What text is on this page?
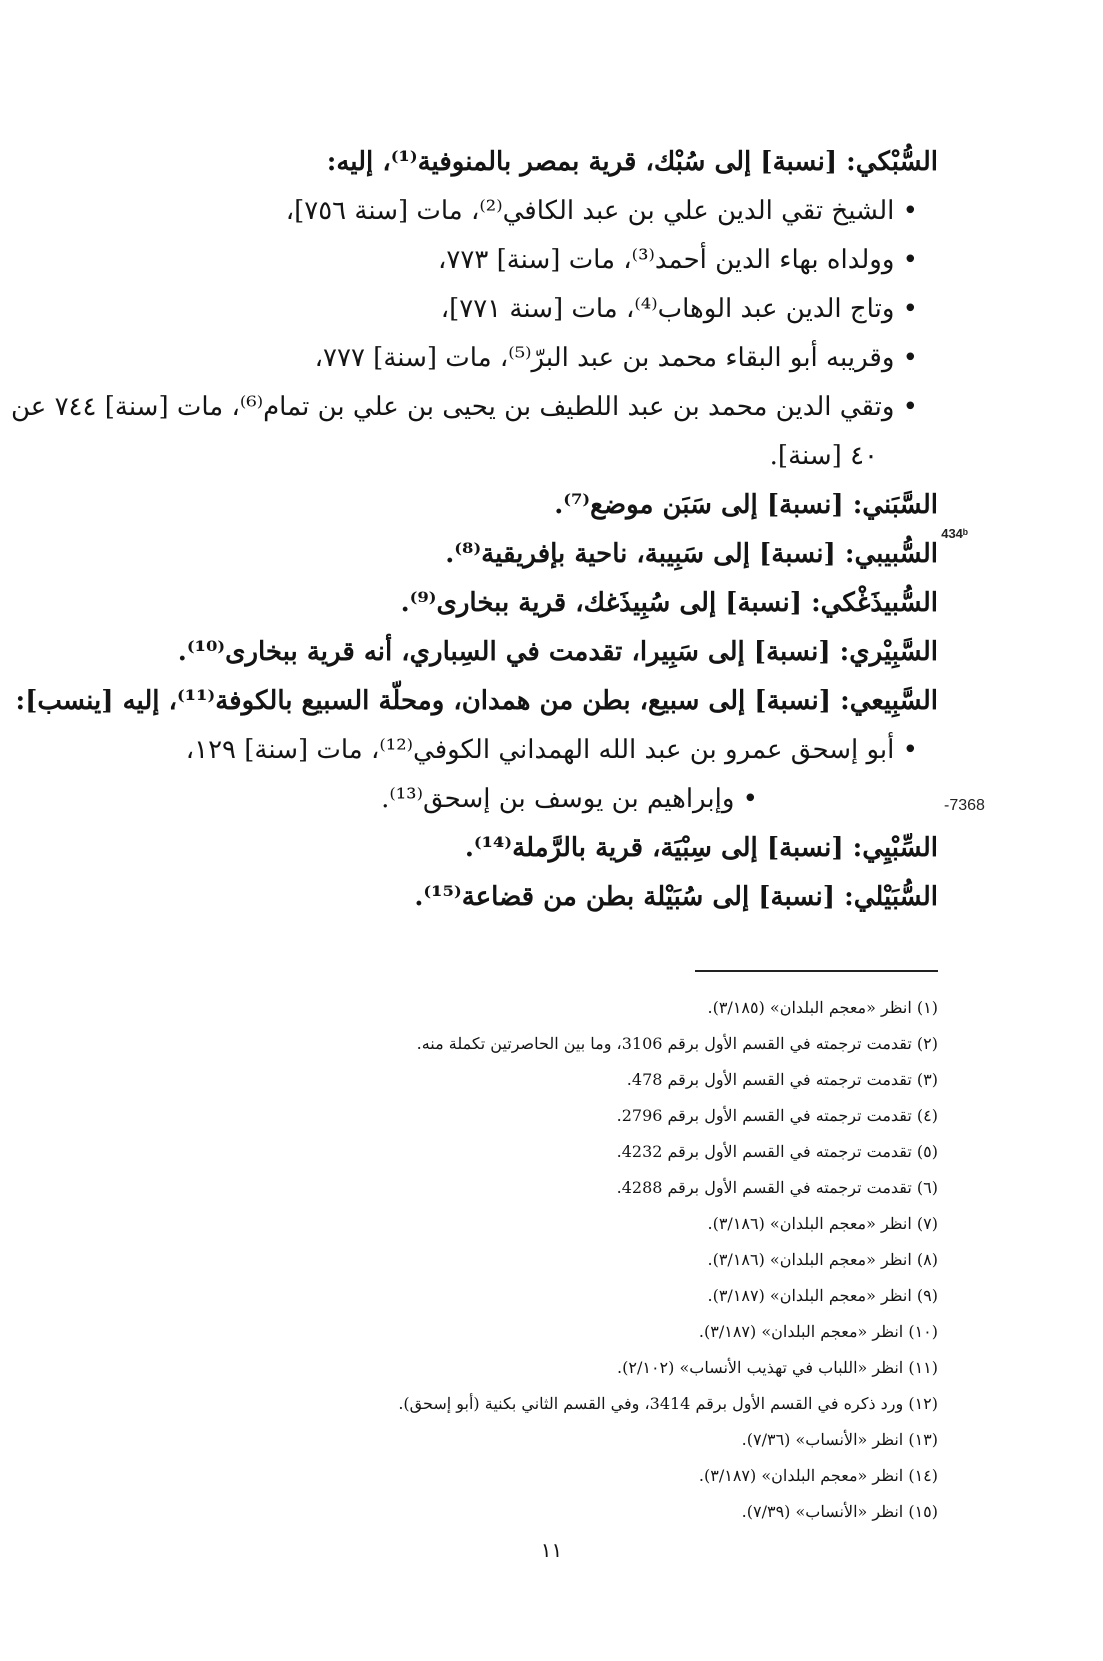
السُّبْكي: [نسبة] إلى سُبْك، قرية بمصر بالمنوفية⁽¹⁾، إليه:
• الشيخ تقي الدين علي بن عبد الكافي⁽²⁾، مات [سنة ٧٥٦]،
• وولداه بهاء الدين أحمد⁽³⁾، مات [سنة] ٧٧٣،
• وتاج الدين عبد الوهاب⁽⁴⁾، مات [سنة ٧٧١]،
• وقريبه أبو البقاء محمد بن عبد البرّ⁽⁵⁾، مات [سنة] ٧٧٧،
• وتقي الدين محمد بن عبد اللطيف بن يحيى بن علي بن تمام⁽⁶⁾، مات [سنة] ٧٤٤ عن
٤٠ [سنة].
السَّبَني: [نسبة] إلى سَبَن موضع⁽⁷⁾.
السُّبيبي: [نسبة] إلى سَبِيبة، ناحية بإفريقية⁽⁸⁾.
السُّبيذَغْكي: [نسبة] إلى سُبِيذَغك، قرية ببخارى⁽⁹⁾.
السَّبِيْري: [نسبة] إلى سَبِيرا، تقدمت في السِباري، أنه قرية ببخارى⁽¹⁰⁾.
السَّبِيعي: [نسبة] إلى سبيع، بطن من همدان، ومحلّة السبيع بالكوفة⁽¹¹⁾، إليه [ينسب]:
• أبو إسحق عمرو بن عبد الله الهمداني الكوفي⁽¹²⁾، مات [سنة] ١٢٩،
• وإبراهيم بن يوسف بن إسحق⁽¹³⁾.
السِّبْيِي: [نسبة] إلى سِبْيَة، قرية بالرَّملة⁽¹⁴⁾.
السُّبَيْلي: [نسبة] إلى سُبَيْلة بطن من قضاعة⁽¹⁵⁾.
434ᵇ
-7368
(١) انظر «معجم البلدان» (٣/١٨٥).
(٢) تقدمت ترجمته في القسم الأول برقم 3106، وما بين الحاصرتين تكملة منه.
(٣) تقدمت ترجمته في القسم الأول برقم 478.
(٤) تقدمت ترجمته في القسم الأول برقم 2796.
(٥) تقدمت ترجمته في القسم الأول برقم 4232.
(٦) تقدمت ترجمته في القسم الأول برقم 4288.
(٧) انظر «معجم البلدان» (٣/١٨٦).
(٨) انظر «معجم البلدان» (٣/١٨٦).
(٩) انظر «معجم البلدان» (٣/١٨٧).
(١٠) انظر «معجم البلدان» (٣/١٨٧).
(١١) انظر «اللباب في تهذيب الأنساب» (٢/١٠٢).
(١٢) ورد ذكره في القسم الأول برقم 3414، وفي القسم الثاني بكنية (أبو إسحق).
(١٣) انظر «الأنساب» (٧/٣٦).
(١٤) انظر «معجم البلدان» (٣/١٨٧).
(١٥) انظر «الأنساب» (٧/٣٩).
١١
